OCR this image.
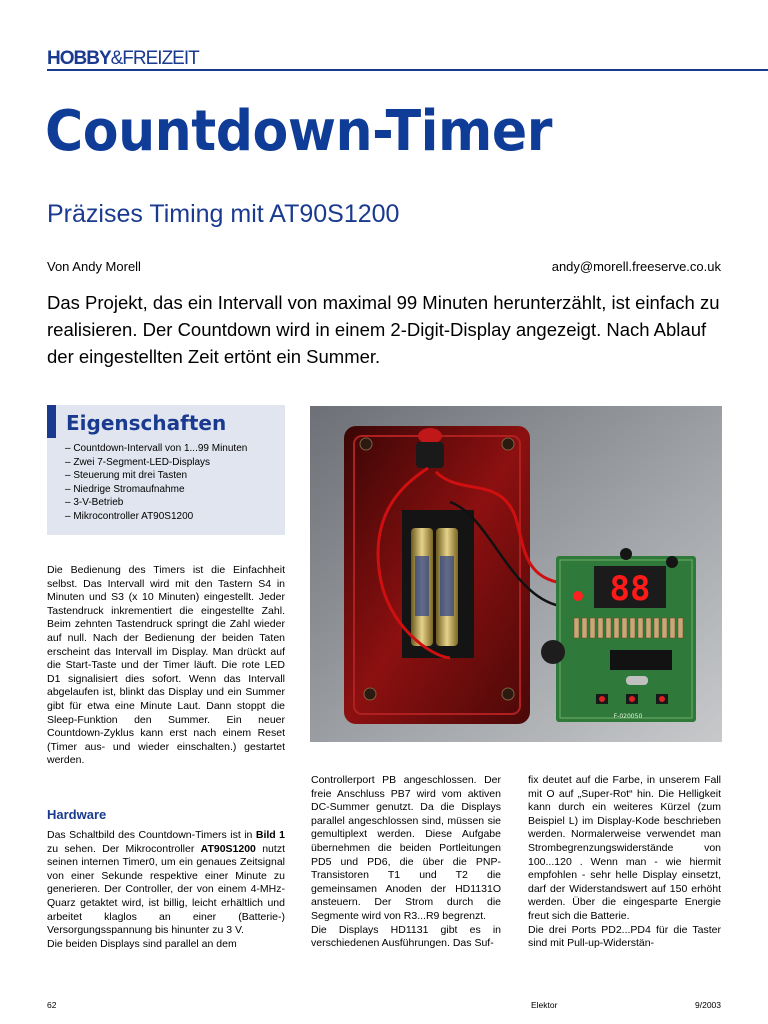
HOBBY&FREIZEIT
Countdown-Timer
Präzises Timing mit AT90S1200
Von Andy Morell	andy@morell.freeserve.co.uk
Das Projekt, das ein Intervall von maximal 99 Minuten herunterzählt, ist einfach zu realisieren. Der Countdown wird in einem 2-Digit-Display angezeigt. Nach Ablauf der eingestellten Zeit ertönt ein Summer.
Eigenschaften
– Countdown-Intervall von 1...99 Minuten
– Zwei 7-Segment-LED-Displays
– Steuerung mit drei Tasten
– Niedrige Stromaufnahme
– 3-V-Betrieb
– Mikrocontroller AT90S1200
88
F-020050
Die Bedienung des Timers ist die Einfachheit selbst. Das Intervall wird mit den Tastern S4 in Minuten und S3 (x 10 Minuten) eingestellt. Jeder Tastendruck inkrementiert die eingestellte Zahl. Beim zehnten Tastendruck springt die Zahl wieder auf null. Nach der Bedienung der beiden Taten erscheint das Intervall im Display. Man drückt auf die Start-Taste und der Timer läuft. Die rote LED D1 signalisiert dies sofort. Wenn das Intervall abgelaufen ist, blinkt das Display und ein Summer gibt für etwa eine Minute Laut. Dann stoppt die Sleep-Funktion den Summer. Ein neuer Countdown-Zyklus kann erst nach einem Reset (Timer aus- und wieder einschalten.) gestartet werden.
Hardware

Das Schaltbild des Countdown-Timers ist in Bild 1 zu sehen. Der Mikrocontroller AT90S1200 nutzt seinen internen Timer0, um ein genaues Zeitsignal von einer Sekunde respektive einer Minute zu generieren. Der Controller, der von einem 4-MHz-Quarz getaktet wird, ist billig, leicht erhältlich und arbeitet klaglos an einer (Batterie-) Versorgungsspannung bis hinunter zu 3 V.

Die beiden Displays sind parallel an dem

Controllerport PB angeschlossen. Der freie Anschluss PB7 wird vom aktiven DC-Summer genutzt. Da die Displays parallel angeschlossen sind, müssen sie gemultiplext werden. Diese Aufgabe übernehmen die beiden Portleitungen PD5 und PD6, die über die PNP-Transistoren T1 und T2 die gemeinsamen Anoden der HD1131O ansteuern. Der Strom durch die Segmente wird von R3...R9 begrenzt.

Die Displays HD1131 gibt es in verschiedenen Ausführungen. Das Suf-

fix deutet auf die Farbe, in unserem Fall mit O auf „Super-Rot“ hin. Die Helligkeit kann durch ein weiteres Kürzel (zum Beispiel L) im Display-Kode beschrieben werden. Normalerweise verwendet man Strombegrenzungswiderstände von 100...120 . Wenn man - wie hiermit empfohlen - sehr helle Display einsetzt, darf der Widerstandswert auf 150 erhöht werden. Über die eingesparte Energie freut sich die Batterie.

Die drei Ports PD2...PD4 für die Taster sind mit Pull-up-Widerstän-

62	Elektor	9/2003
